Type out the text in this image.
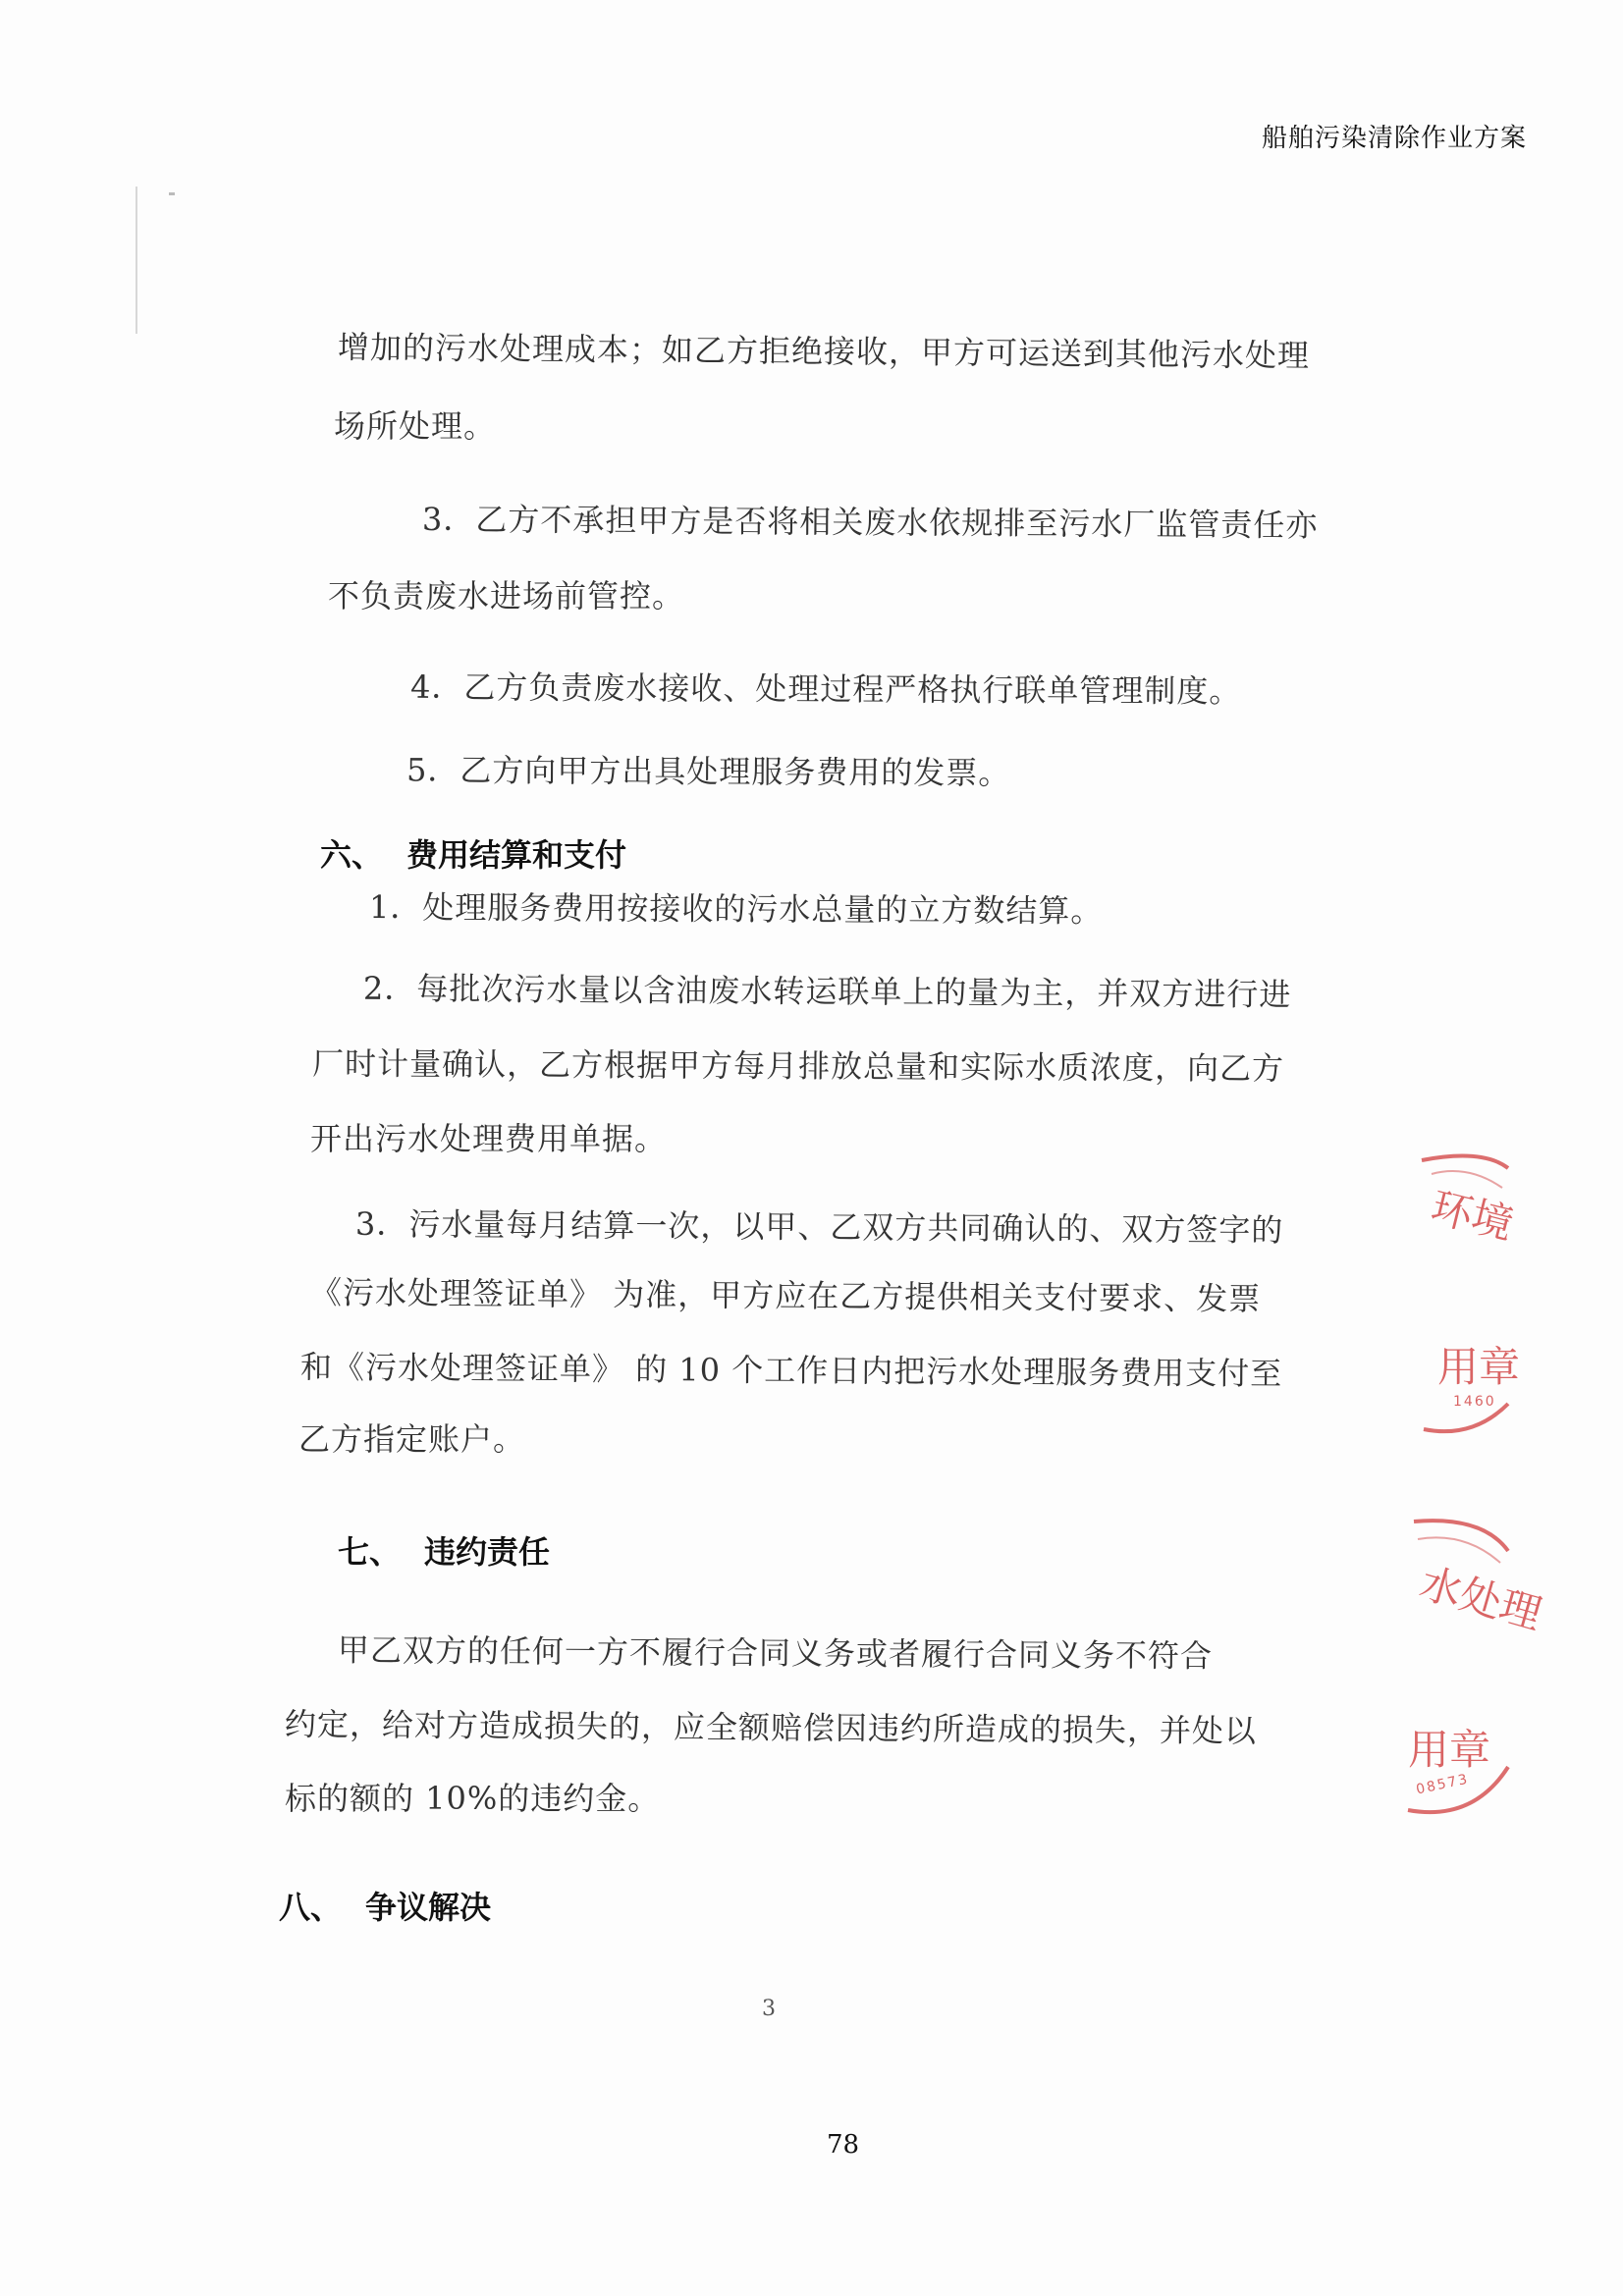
船舶污染清除作业方案
增加的污水处理成本；如乙方拒绝接收，甲方可运送到其他污水处理
场所处理。
3．乙方不承担甲方是否将相关废水依规排至污水厂监管责任亦
不负责废水进场前管控。
4．乙方负责废水接收、处理过程严格执行联单管理制度。
5．乙方向甲方出具处理服务费用的发票。
六、 费用结算和支付
1．处理服务费用按接收的污水总量的立方数结算。
2．每批次污水量以含油废水转运联单上的量为主，并双方进行进
厂时计量确认，乙方根据甲方每月排放总量和实际水质浓度，向乙方
开出污水处理费用单据。
3．污水量每月结算一次，以甲、乙双方共同确认的、双方签字的
《污水处理签证单》 为准，甲方应在乙方提供相关支付要求、发票
和《污水处理签证单》 的 10 个工作日内把污水处理服务费用支付至
乙方指定账户。
七、 违约责任
甲乙双方的任何一方不履行合同义务或者履行合同义务不符合
约定，给对方造成损失的，应全额赔偿因违约所造成的损失，并处以
标的额的 10%的违约金。
八、 争议解决
3
78
环境
用章
1460
水处理
用章
08573
